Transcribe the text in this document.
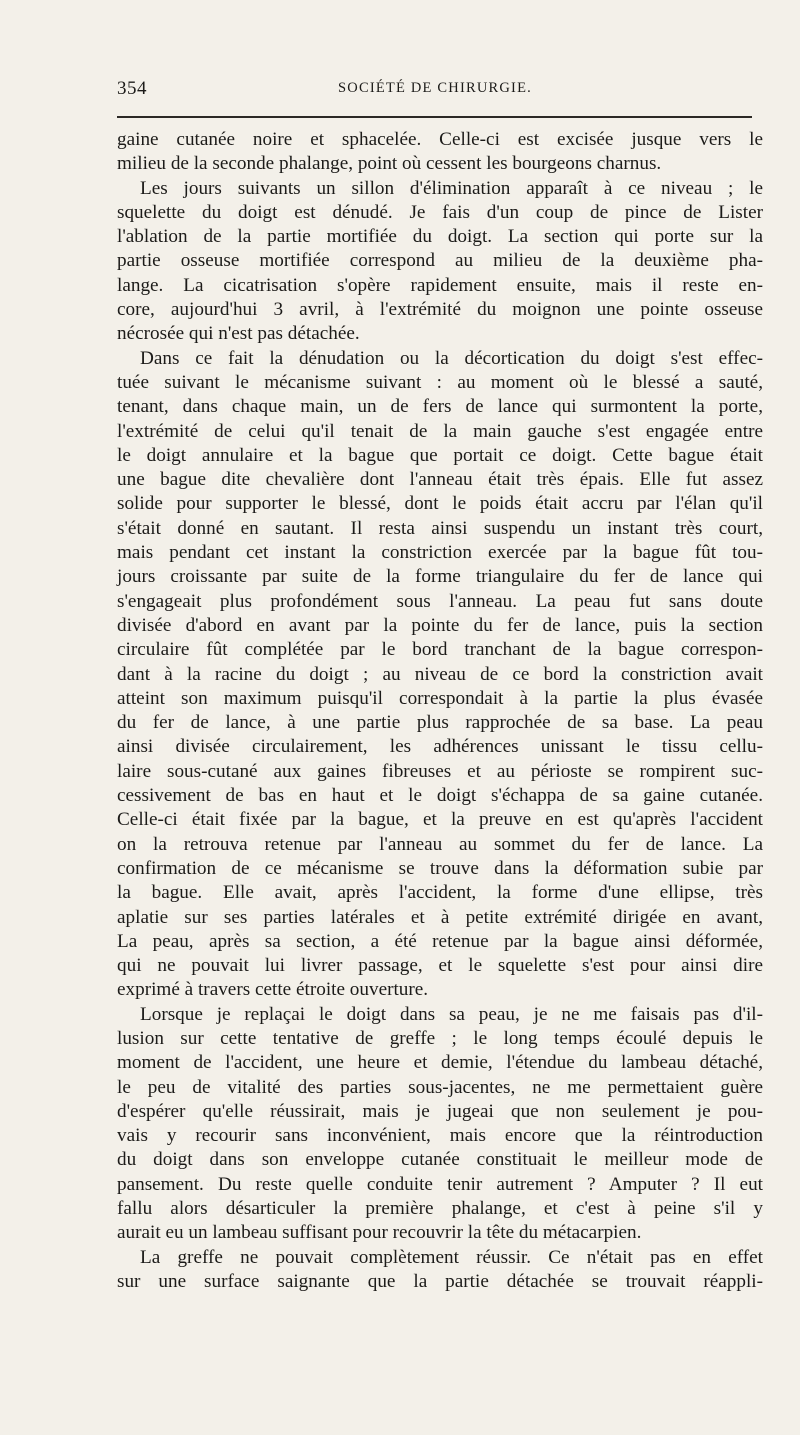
354	SOCIÉTÉ DE CHIRURGIE.
gaine cutanée noire et sphacelée. Celle-ci est excisée jusque vers le
milieu de la seconde phalange, point où cessent les bourgeons charnus.
Les jours suivants un sillon d'élimination apparaît à ce niveau ; le
squelette du doigt est dénudé. Je fais d'un coup de pince de Lister
l'ablation de la partie mortifiée du doigt. La section qui porte sur la
partie osseuse mortifiée correspond au milieu de la deuxième pha-
lange. La cicatrisation s'opère rapidement ensuite, mais il reste en-
core, aujourd'hui 3 avril, à l'extrémité du moignon une pointe osseuse
nécrosée qui n'est pas détachée.
Dans ce fait la dénudation ou la décortication du doigt s'est effec-
tuée suivant le mécanisme suivant : au moment où le blessé a sauté,
tenant, dans chaque main, un de fers de lance qui surmontent la porte,
l'extrémité de celui qu'il tenait de la main gauche s'est engagée entre
le doigt annulaire et la bague que portait ce doigt. Cette bague était
une bague dite chevalière dont l'anneau était très épais. Elle fut assez
solide pour supporter le blessé, dont le poids était accru par l'élan qu'il
s'était donné en sautant. Il resta ainsi suspendu un instant très court,
mais pendant cet instant la constriction exercée par la bague fût tou-
jours croissante par suite de la forme triangulaire du fer de lance qui
s'engageait plus profondément sous l'anneau. La peau fut sans doute
divisée d'abord en avant par la pointe du fer de lance, puis la section
circulaire fût complétée par le bord tranchant de la bague correspon-
dant à la racine du doigt ; au niveau de ce bord la constriction avait
atteint son maximum puisqu'il correspondait à la partie la plus évasée
du fer de lance, à une partie plus rapprochée de sa base. La peau
ainsi divisée circulairement, les adhérences unissant le tissu cellu-
laire sous-cutané aux gaines fibreuses et au périoste se rompirent suc-
cessivement de bas en haut et le doigt s'échappa de sa gaine cutanée.
Celle-ci était fixée par la bague, et la preuve en est qu'après l'accident
on la retrouva retenue par l'anneau au sommet du fer de lance. La
confirmation de ce mécanisme se trouve dans la déformation subie par
la bague. Elle avait, après l'accident, la forme d'une ellipse, très
aplatie sur ses parties latérales et à petite extrémité dirigée en avant,
La peau, après sa section, a été retenue par la bague ainsi déformée,
qui ne pouvait lui livrer passage, et le squelette s'est pour ainsi dire
exprimé à travers cette étroite ouverture.
Lorsque je replaçai le doigt dans sa peau, je ne me faisais pas d'il-
lusion sur cette tentative de greffe ; le long temps écoulé depuis le
moment de l'accident, une heure et demie, l'étendue du lambeau détaché,
le peu de vitalité des parties sous-jacentes, ne me permettaient guère
d'espérer qu'elle réussirait, mais je jugeai que non seulement je pou-
vais y recourir sans inconvénient, mais encore que la réintroduction
du doigt dans son enveloppe cutanée constituait le meilleur mode de
pansement. Du reste quelle conduite tenir autrement ? Amputer ? Il eut
fallu alors désarticuler la première phalange, et c'est à peine s'il y
aurait eu un lambeau suffisant pour recouvrir la tête du métacarpien.
La greffe ne pouvait complètement réussir. Ce n'était pas en effet
sur une surface saignante que la partie détachée se trouvait réappli-
